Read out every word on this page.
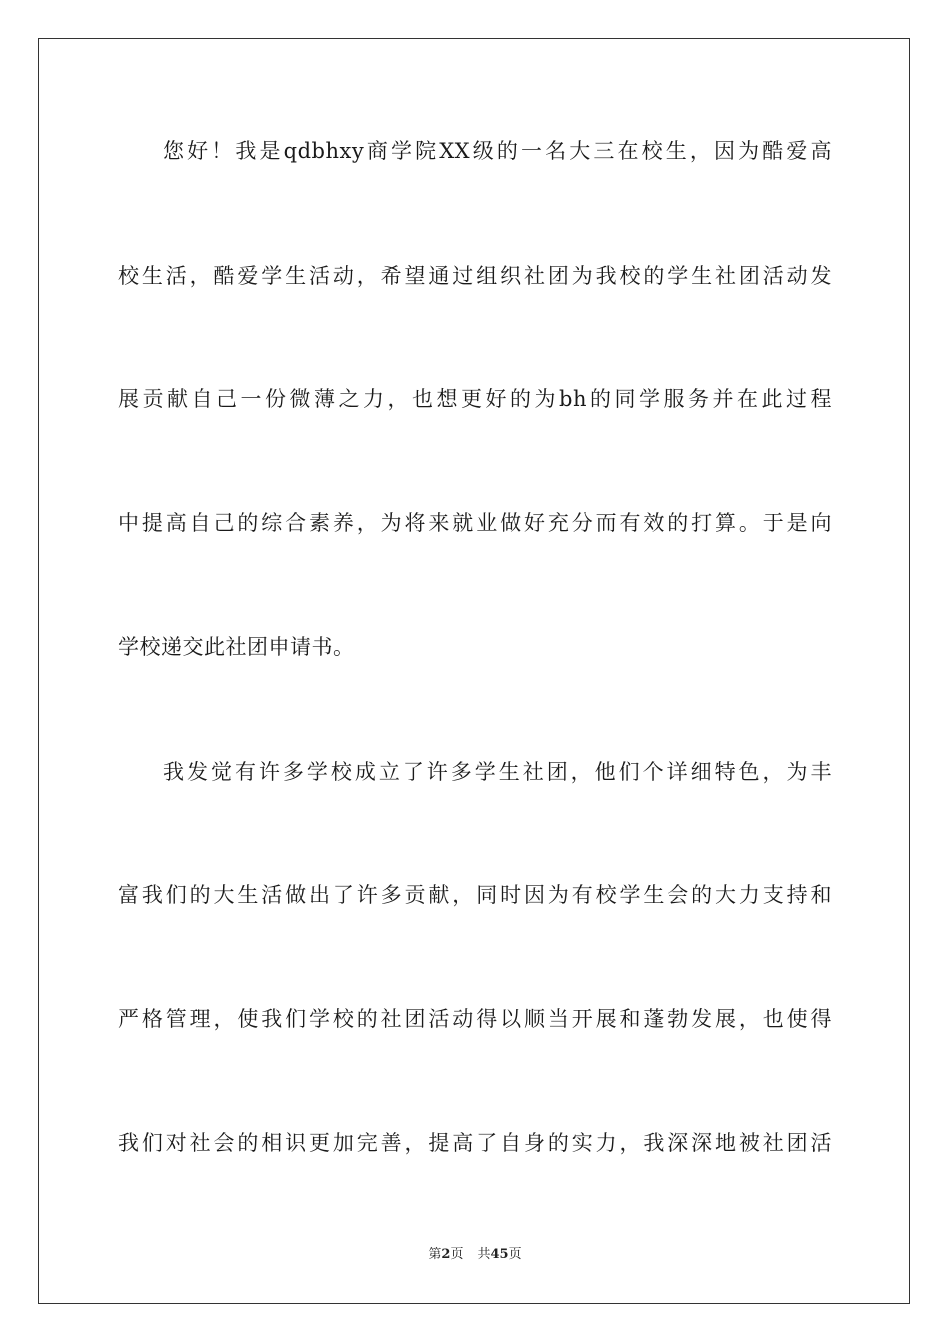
您好！我是qdbhxy商学院XX级的一名大三在校生，因为酷爱高
校生活，酷爱学生活动，希望通过组织社团为我校的学生社团活动发
展贡献自己一份微薄之力，也想更好的为bh的同学服务并在此过程
中提高自己的综合素养，为将来就业做好充分而有效的打算。于是向
学校递交此社团申请书。
我发觉有许多学校成立了许多学生社团，他们个详细特色，为丰
富我们的大生活做出了许多贡献，同时因为有校学生会的大力支持和
严格管理，使我们学校的社团活动得以顺当开展和蓬勃发展，也使得
我们对社会的相识更加完善，提高了自身的实力，我深深地被社团活
第2页 共45页
